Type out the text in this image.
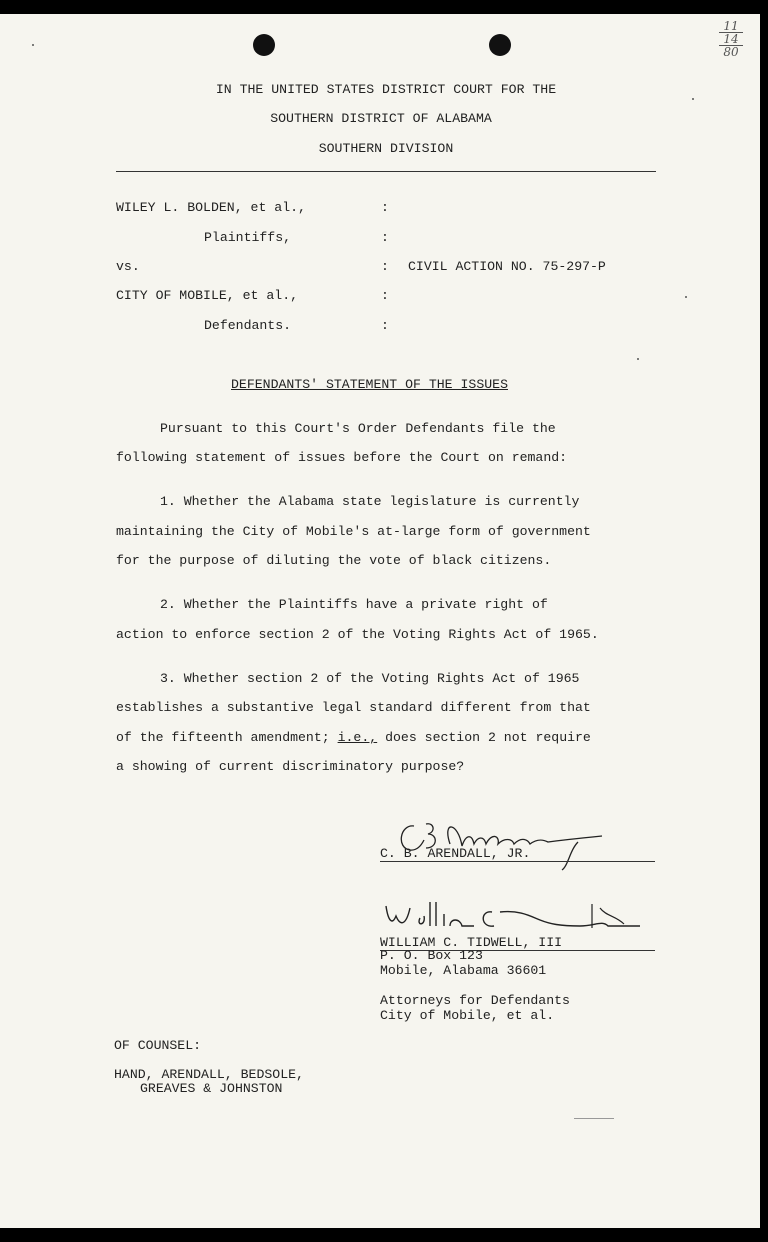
11
14
80
IN THE UNITED STATES DISTRICT COURT FOR THE
SOUTHERN DISTRICT OF ALABAMA
SOUTHERN DIVISION
WILEY L. BOLDEN, et al.,
Plaintiffs,
vs.
CITY OF MOBILE, et al.,
Defendants.
:
:
:
:
:
CIVIL ACTION NO. 75-297-P
DEFENDANTS' STATEMENT OF THE ISSUES
Pursuant to this Court's Order Defendants file the
following statement of issues before the Court on remand:
1. Whether the Alabama state legislature is currently
maintaining the City of Mobile's at-large form of government
for the purpose of diluting the vote of black citizens.
2. Whether the Plaintiffs have a private right of
action to enforce section 2 of the Voting Rights Act of 1965.
3. Whether section 2 of the Voting Rights Act of 1965
establishes a substantive legal standard different from that
of the fifteenth amendment; i.e., does section 2 not require
a showing of current discriminatory purpose?
C. B. ARENDALL, JR.
WILLIAM C. TIDWELL, III
P. O. Box 123
Mobile, Alabama 36601
Attorneys for Defendants
City of Mobile, et al.
OF COUNSEL:
HAND, ARENDALL, BEDSOLE,
GREAVES & JOHNSTON
